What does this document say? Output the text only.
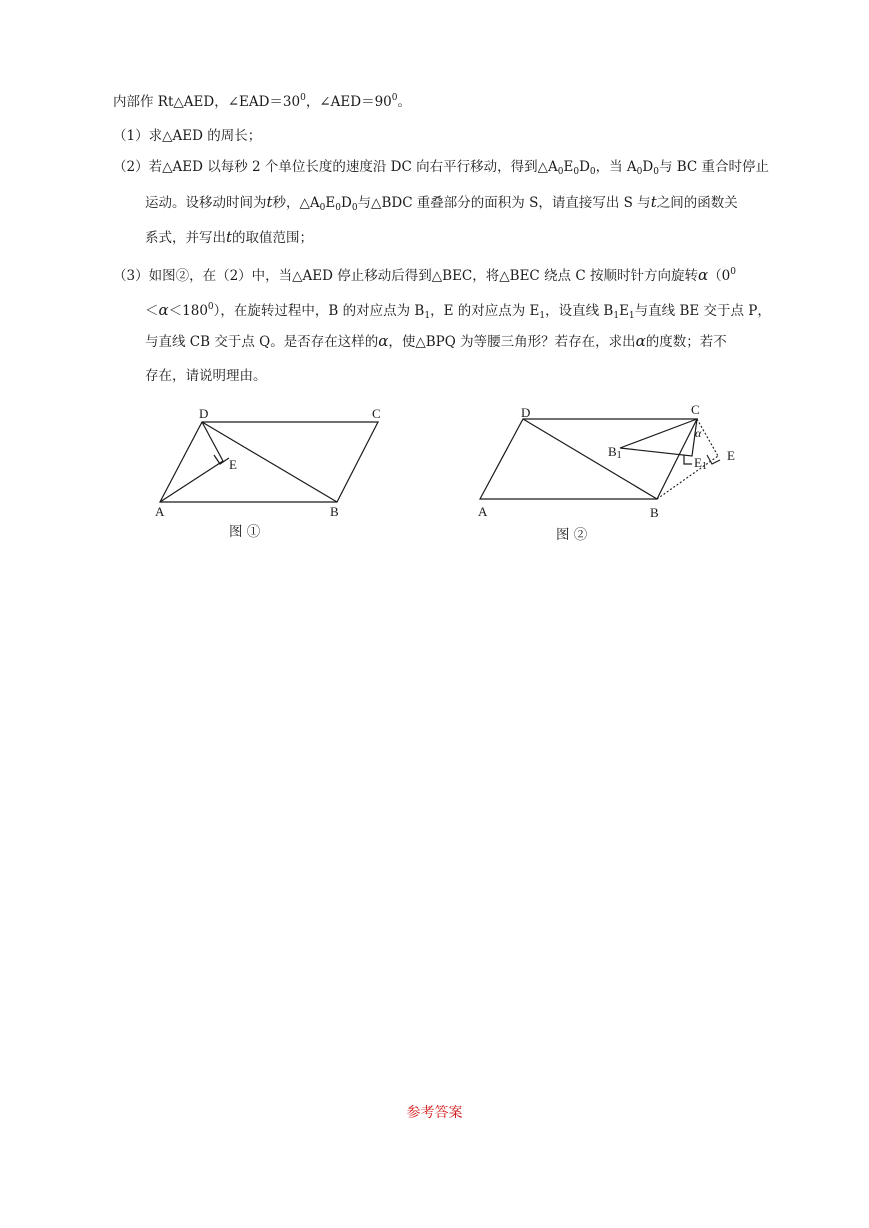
内部作 Rt△AED，$\angle EAD=30^0$，$\angle AED=90^0$。
（1）求△AED 的周长；
（2）若△AED 以每秒 2 个单位长度的速度沿 DC 向右平行移动，得到$\triangle A_0E_0D_0$，当 $A_0D_0$与 BC 重合时停止
运动。设移动时间为t秒，$\triangle A_0E_0D_0$与△BDC 重叠部分的面积为 S，请直接写出 S 与t之间的函数关
系式，并写出t的取值范围；
（3）如图②，在（2）中，当△AED 停止移动后得到△BEC，将△BEC 绕点 C 按顺时针方向旋转$\alpha(0^0$
$<\alpha<180^0$），在旋转过程中，B 的对应点为 $B_1$，E 的对应点为 $E_1$，设直线 $B_1E_1$与直线 BE 交于点 P，
与直线 CB 交于点 Q。是否存在这样的α，使△BPQ 为等腰三角形？若存在，求出α的度数；若不
存在，请说明理由。
D	C
E
A	B
图 ①
D	C
α
B1	E1
E
A	B
图 ②
参考答案
